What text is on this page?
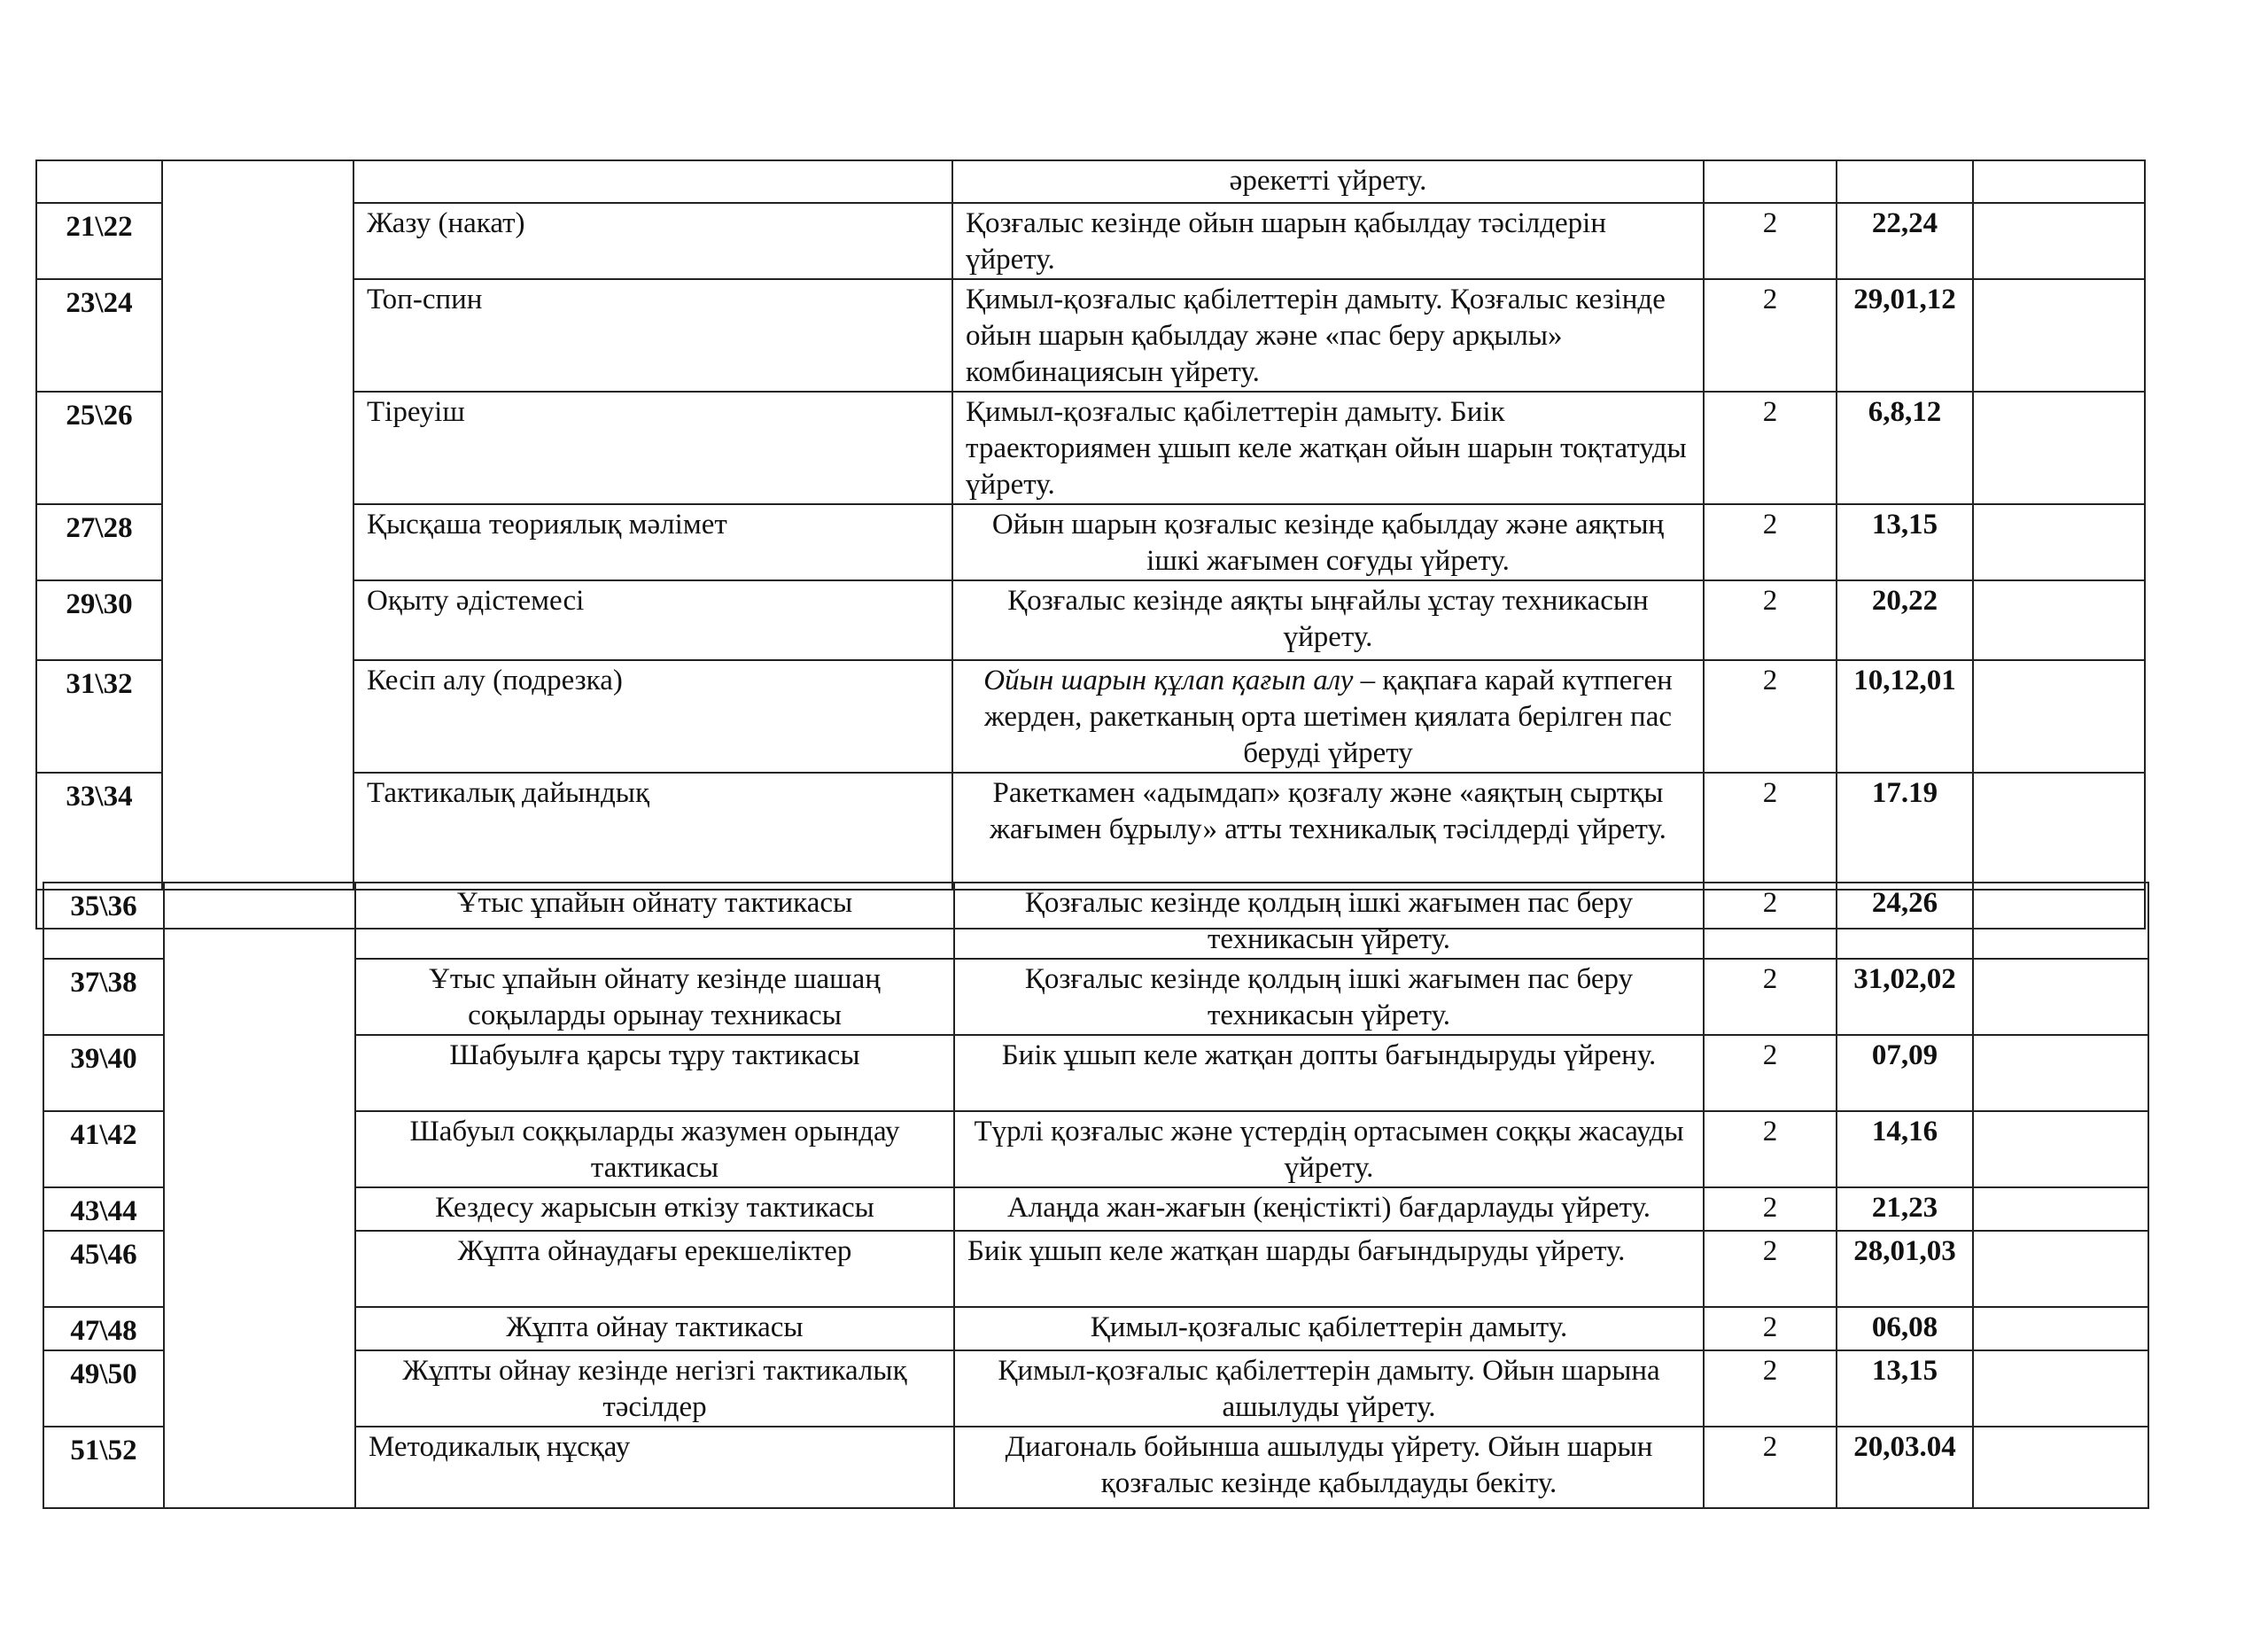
			әрекетті үйрету.			
21\22		Жазу (накат)	Қозғалыс кезінде ойын шарын қабылдау тәсілдерін үйрету.	2	22,24	
23\24		Топ-спин	Қимыл-қозғалыс қабілеттерін дамыту. Қозғалыс кезінде ойын шарын қабылдау және «пас беру арқылы» комбинациясын үйрету.	2	29,01,12	
25\26		Тіреуіш	Қимыл-қозғалыс қабілеттерін дамыту. Биік траекториямен ұшып келе жатқан ойын шарын тоқтатуды үйрету.	2	6,8,12	
27\28		Қысқаша теориялық мәлімет	Ойын шарын қозғалыс кезінде қабылдау және аяқтың ішкі жағымен соғуды үйрету.	2	13,15	
29\30		Оқыту әдістемесі	Қозғалыс кезінде аяқты ыңғайлы ұстау техникасын үйрету.	2	20,22	
31\32		Кесіп алу (подрезка)	Ойын шарын құлап қағып алу – қақпаға карай күтпеген жерден, ракетканың орта шетімен қиялата берілген пас беруді үйрету	2	10,12,01	
33\34		Тактикалық дайындық	Ракеткамен «адымдап» қозғалу және «аяқтың сыртқы жағымен бұрылу» атты техникалық тәсілдерді үйрету.	2	17.19	

35\36		Ұтыс ұпайын ойнату тактикасы	Қозғалыс кезінде қолдың ішкі жағымен пас беру техникасын үйрету.	2	24,26	
37\38		Ұтыс ұпайын ойнату кезінде шашаң соқыларды орынау техникасы	Қозғалыс кезінде қолдың ішкі жағымен пас беру техникасын үйрету.	2	31,02,02	
39\40		Шабуылға қарсы тұру тактикасы	Биік ұшып келе жатқан допты бағындыруды үйрену.	2	07,09	
41\42		Шабуыл соққыларды жазумен орындау тактикасы	Түрлі қозғалыс және үстердің ортасымен соққы жасауды үйрету.	2	14,16	
43\44		Кездесу жарысын өткізу тактикасы	Алаңда жан-жағын (кеңістікті) бағдарлауды үйрету.	2	21,23	
45\46		Жұпта ойнаудағы ерекшеліктер	Биік ұшып келе жатқан шарды бағындыруды үйрету.	2	28,01,03	
47\48		Жұпта ойнау тактикасы	Қимыл-қозғалыс қабілеттерін дамыту.	2	06,08	
49\50		Жұпты ойнау кезінде негізгі тактикалық тәсілдер	Қимыл-қозғалыс қабілеттерін дамыту. Ойын шарына ашылуды үйрету.	2	13,15	
51\52		Методикалық нұсқау	Диагональ бойынша ашылуды үйрету. Ойын шарын қозғалыс кезінде қабылдауды бекіту.	2	20,03.04	
